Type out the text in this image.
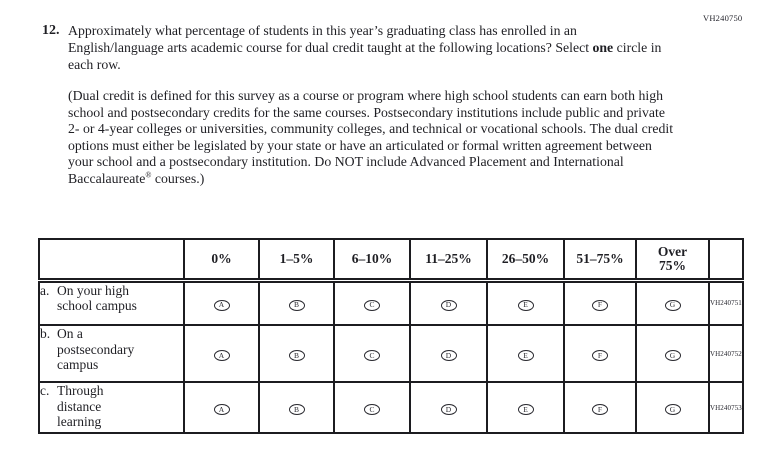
VH240750
12. Approximately what percentage of students in this year’s graduating class has enrolled in an English/language arts academic course for dual credit taught at the following locations? Select one circle in each row.

(Dual credit is defined for this survey as a course or program where high school students can earn both high school and postsecondary credits for the same courses. Postsecondary institutions include public and private 2- or 4-year colleges or universities, community colleges, and technical or vocational schools. The dual credit options must either be legislated by your state or have an articulated or formal written agreement between your school and a postsecondary institution. Do NOT include Advanced Placement and International Baccalaureate® courses.)

	0%	1–5%	6–10%	11–25%	26–50%	51–75%	Over
75%	

a. On your high
school campus	A	B	C	D	E	F	G	VH240751

b. On a
postsecondary
campus	A	B	C	D	E	F	G	VH240752

c. Through
distance
learning	A	B	C	D	E	F	G	VH240753
